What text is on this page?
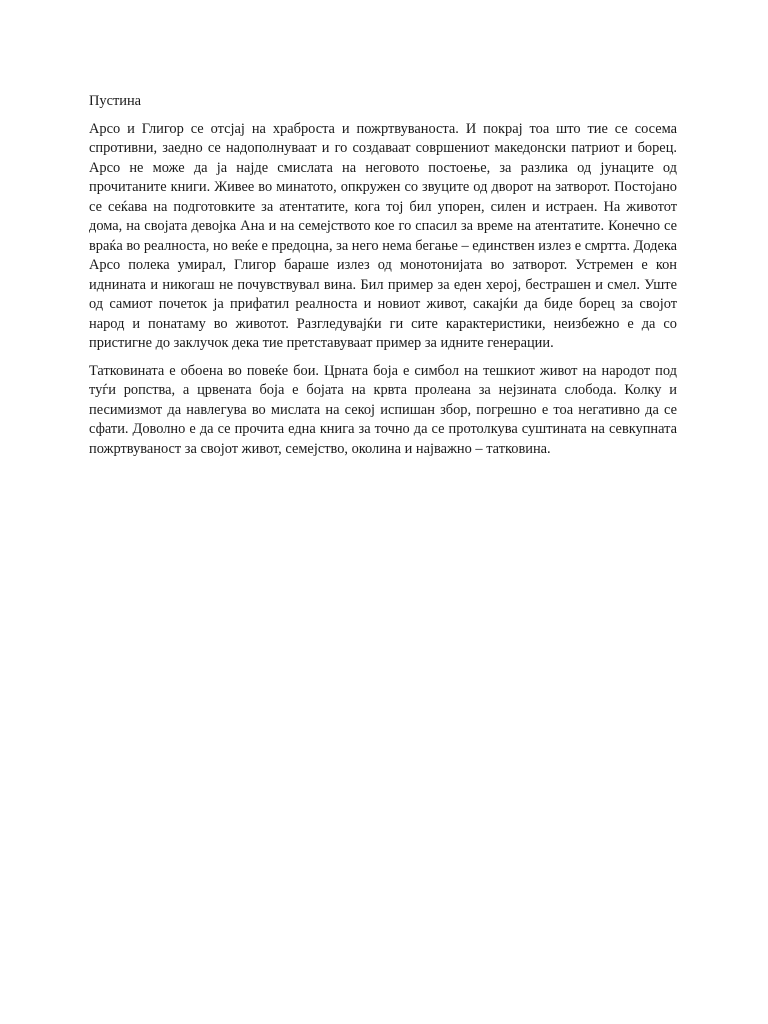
Пустина

Арсо и Глигор се отсјај на храброста и пожртвуваноста. И покрај тоа што тие се сосема спротивни, заедно се надополнуваат и го создаваат совршениот македонски патриот и борец. Арсо не може да ја најде смислата на неговото постоење, за разлика од јунаците од прочитаните книги. Живее во минатото, опкружен со звуците од дворот на затворот. Постојано се сеќава на подготовките за атентатите, кога тој бил упорен, силен и истраен. На животот дома, на својата девојка Ана и на семејството кое го спасил за време на атентатите. Конечно се враќа во реалноста, но веќе е предоцна, за него нема бегање – единствен излез е смртта. Додека Арсо полека умирал, Глигор бараше излез од монотонијата во затворот. Устремен е кон иднината и никогаш не почувствувал вина. Бил пример за еден херој, бестрашен и смел. Уште од самиот почеток ја прифатил реалноста и новиот живот, сакајќи да биде борец за својот народ и понатаму во животот. Разгледувајќи ги сите карактеристики, неизбежно е да со пристигне до заклучок дека тие претставуваат пример за идните генерации.

Татковината е обоена во повеќе бои. Црната боја е симбол на тешкиот живот на народот под туѓи ропства, а црвената боја е бојата на крвта пролеана за нејзината слобода. Колку и песимизмот да навлегува во мислата на секој испишан збор, погрешно е тоа негативно да се сфати. Доволно е да се прочита една книга за точно да се протолкува суштината на севкупната пожртвуваност за својот живот, семејство, околина и најважно – татковина.
